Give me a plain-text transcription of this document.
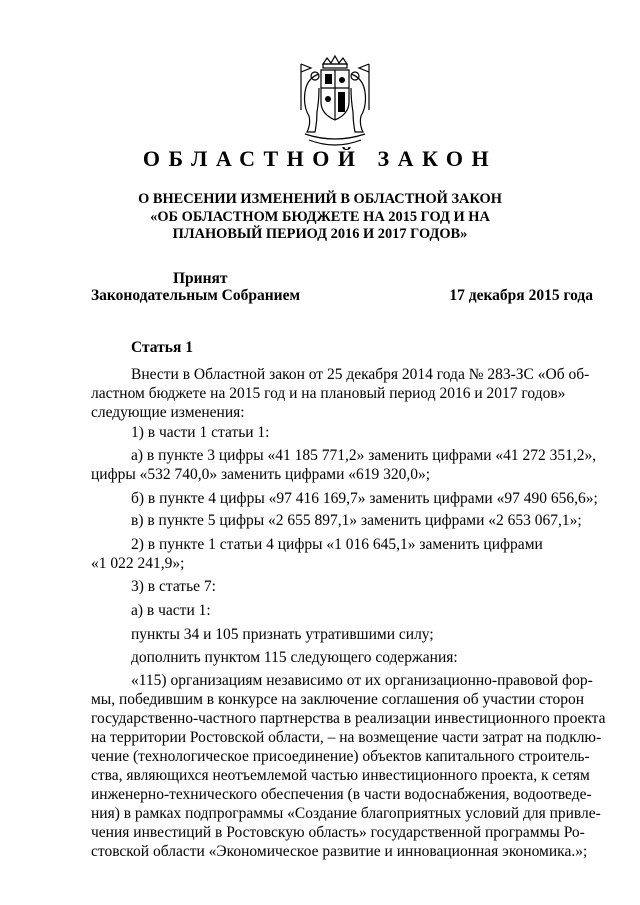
ОБЛАСТНОЙ ЗАКОН
О ВНЕСЕНИИ ИЗМЕНЕНИЙ В ОБЛАСТНОЙ ЗАКОН
«ОБ ОБЛАСТНОМ БЮДЖЕТЕ НА 2015 ГОД И НА
ПЛАНОВЫЙ ПЕРИОД 2016 И 2017 ГОДОВ»
Принят
Законодательным Собранием	17 декабря 2015 года
Статья 1
Внести в Областной закон от 25 декабря 2014 года № 283-ЗС «Об об-
ластном бюджете на 2015 год и на плановый период 2016 и 2017 годов»
следующие изменения:

1) в части 1 статьи 1:

а) в пункте 3 цифры «41 185 771,2» заменить цифрами «41 272 351,2»,
цифры «532 740,0» заменить цифрами «619 320,0»;

б) в пункте 4 цифры «97 416 169,7» заменить цифрами «97 490 656,6»;

в) в пункте 5 цифры «2 655 897,1» заменить цифрами «2 653 067,1»;

2) в пункте 1 статьи 4 цифры «1 016 645,1» заменить цифрами
«1 022 241,9»;

3) в статье 7:

а) в части 1:

пункты 34 и 105 признать утратившими силу;

дополнить пунктом 115 следующего содержания:

«115) организациям независимо от их организационно-правовой фор-
мы, победившим в конкурсе на заключение соглашения об участии сторон
государственно-частного партнерства в реализации инвестиционного проекта
на территории Ростовской области, – на возмещение части затрат на подклю-
чение (технологическое присоединение) объектов капитального строитель-
ства, являющихся неотъемлемой частью инвестиционного проекта, к сетям
инженерно-технического обеспечения (в части водоснабжения, водоотведе-
ния) в рамках подпрограммы «Создание благоприятных условий для привле-
чения инвестиций в Ростовскую область» государственной программы Ро-
стовской области «Экономическое развитие и инновационная экономика.»;
